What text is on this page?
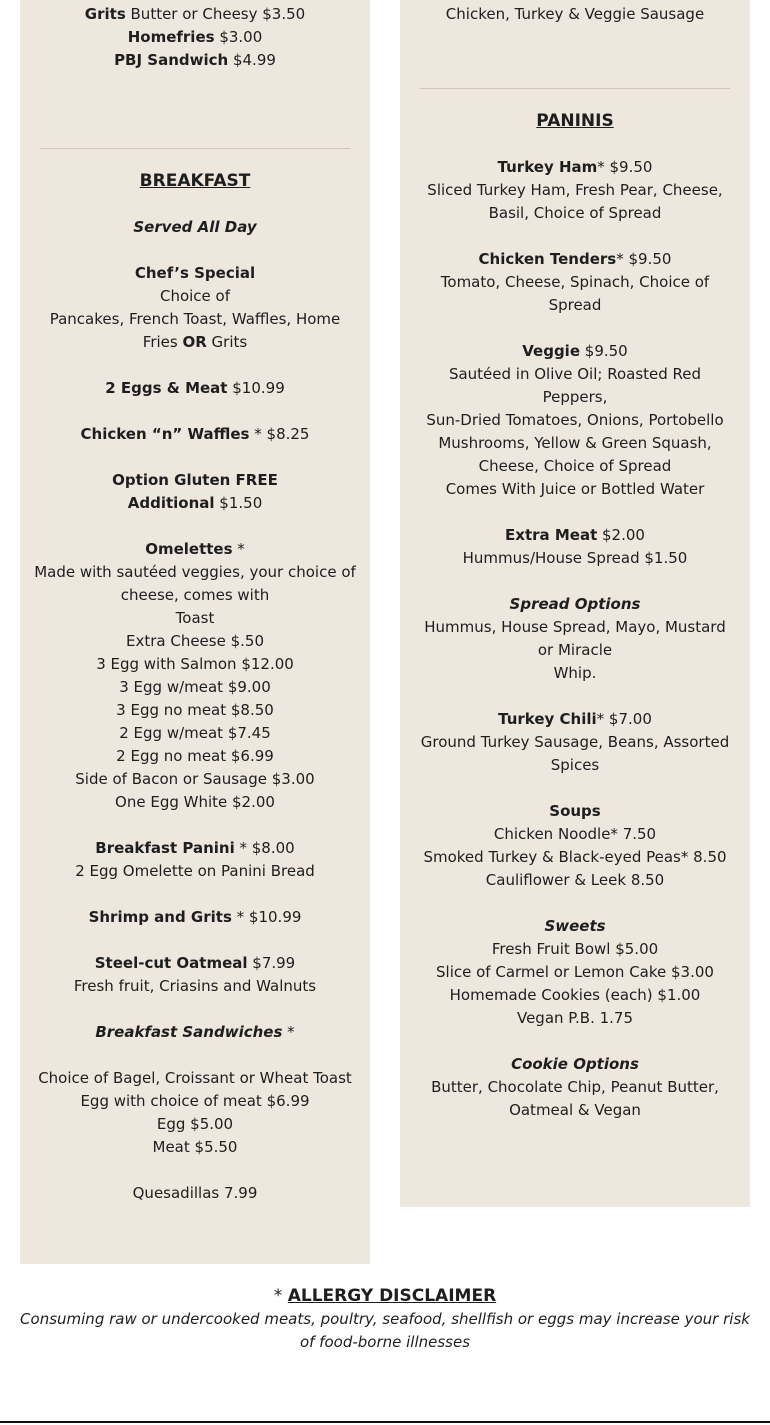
Grits Butter or Cheesy $3.50
Homefries $3.00
PBJ Sandwich $4.99
BREAKFAST
Served All Day
Chef’s Special
Choice of
Pancakes, French Toast, Waffles, Home Fries OR Grits
2 Eggs & Meat $10.99
Chicken “n” Waffles * $8.25
Option Gluten FREE
Additional $1.50
Omelettes *
Made with sautéed veggies, your choice of cheese, comes with
Toast
Extra Cheese $.50
3 Egg with Salmon $12.00
3 Egg w/meat $9.00
3 Egg no meat $8.50
2 Egg w/meat $7.45
2 Egg no meat $6.99
Side of Bacon or Sausage $3.00
One Egg White $2.00
Breakfast Panini * $8.00
2 Egg Omelette on Panini Bread
Shrimp and Grits * $10.99
Steel-cut Oatmeal $7.99
Fresh fruit, Criasins and Walnuts
Breakfast Sandwiches *
Choice of Bagel, Croissant or Wheat Toast
Egg with choice of meat $6.99
Egg $5.00
Meat $5.50
Quesadillas 7.99
Chicken, Turkey & Veggie Sausage
PANINIS
Turkey Ham* $9.50
Sliced Turkey Ham, Fresh Pear, Cheese, Basil, Choice of Spread
Chicken Tenders* $9.50
Tomato, Cheese, Spinach, Choice of Spread
Veggie $9.50
Sautéed in Olive Oil; Roasted Red Peppers,
Sun-Dried Tomatoes, Onions, Portobello Mushrooms, Yellow & Green Squash, Cheese, Choice of Spread
Comes With Juice or Bottled Water
Extra Meat $2.00
Hummus/House Spread $1.50
Spread Options
Hummus, House Spread, Mayo, Mustard or Miracle
Whip.
Turkey Chili* $7.00
Ground Turkey Sausage, Beans, Assorted Spices
Soups
Chicken Noodle* 7.50
Smoked Turkey & Black-eyed Peas* 8.50
Cauliflower & Leek 8.50
Sweets
Fresh Fruit Bowl $5.00
Slice of Carmel or Lemon Cake $3.00
Homemade Cookies (each) $1.00
Vegan P.B. 1.75
Cookie Options
Butter, Chocolate Chip, Peanut Butter, Oatmeal & Vegan
* ALLERGY DISCLAIMER
Consuming raw or undercooked meats, poultry, seafood, shellfish or eggs may increase your risk of food-borne illnesses
